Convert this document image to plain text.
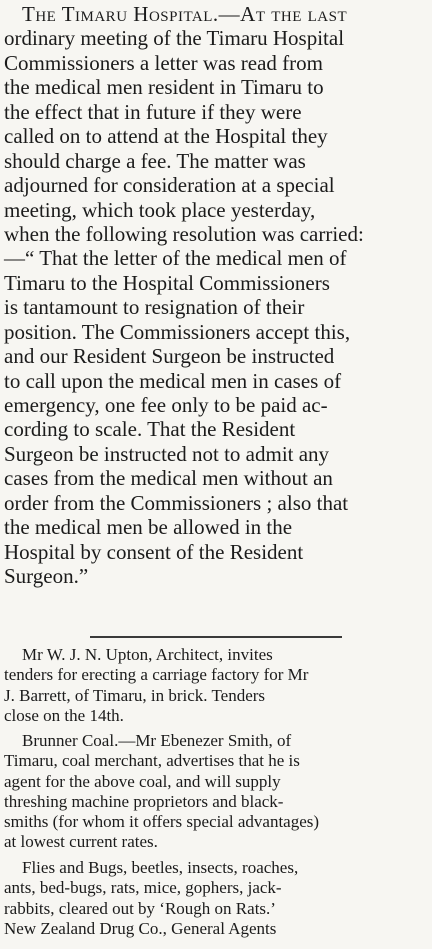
The Timaru Hospital.—At the last
ordinary meeting of the Timaru Hospital
Commissioners a letter was read from
the medical men resident in Timaru to
the effect that in future if they were
called on to attend at the Hospital they
should charge a fee. The matter was
adjourned for consideration at a special
meeting, which took place yesterday,
when the following resolution was carried:
—“ That the letter of the medical men of
Timaru to the Hospital Commissioners
is tantamount to resignation of their
position. The Commissioners accept this,
and our Resident Surgeon be instructed
to call upon the medical men in cases of
emergency, one fee only to be paid ac-
cording to scale. That the Resident
Surgeon be instructed not to admit any
cases from the medical men without an
order from the Commissioners ; also that
the medical men be allowed in the
Hospital by consent of the Resident
Surgeon.”
Mr W. J. N. Upton, Architect, invites
tenders for erecting a carriage factory for Mr
J. Barrett, of Timaru, in brick. Tenders
close on the 14th.
Brunner Coal.—Mr Ebenezer Smith, of
Timaru, coal merchant, advertises that he is
agent for the above coal, and will supply
threshing machine proprietors and black-
smiths (for whom it offers special advantages)
at lowest current rates.
Flies and Bugs, beetles, insects, roaches,
ants, bed-bugs, rats, mice, gophers, jack-
rabbits, cleared out by ‘Rough on Rats.’
New Zealand Drug Co., General Agents
